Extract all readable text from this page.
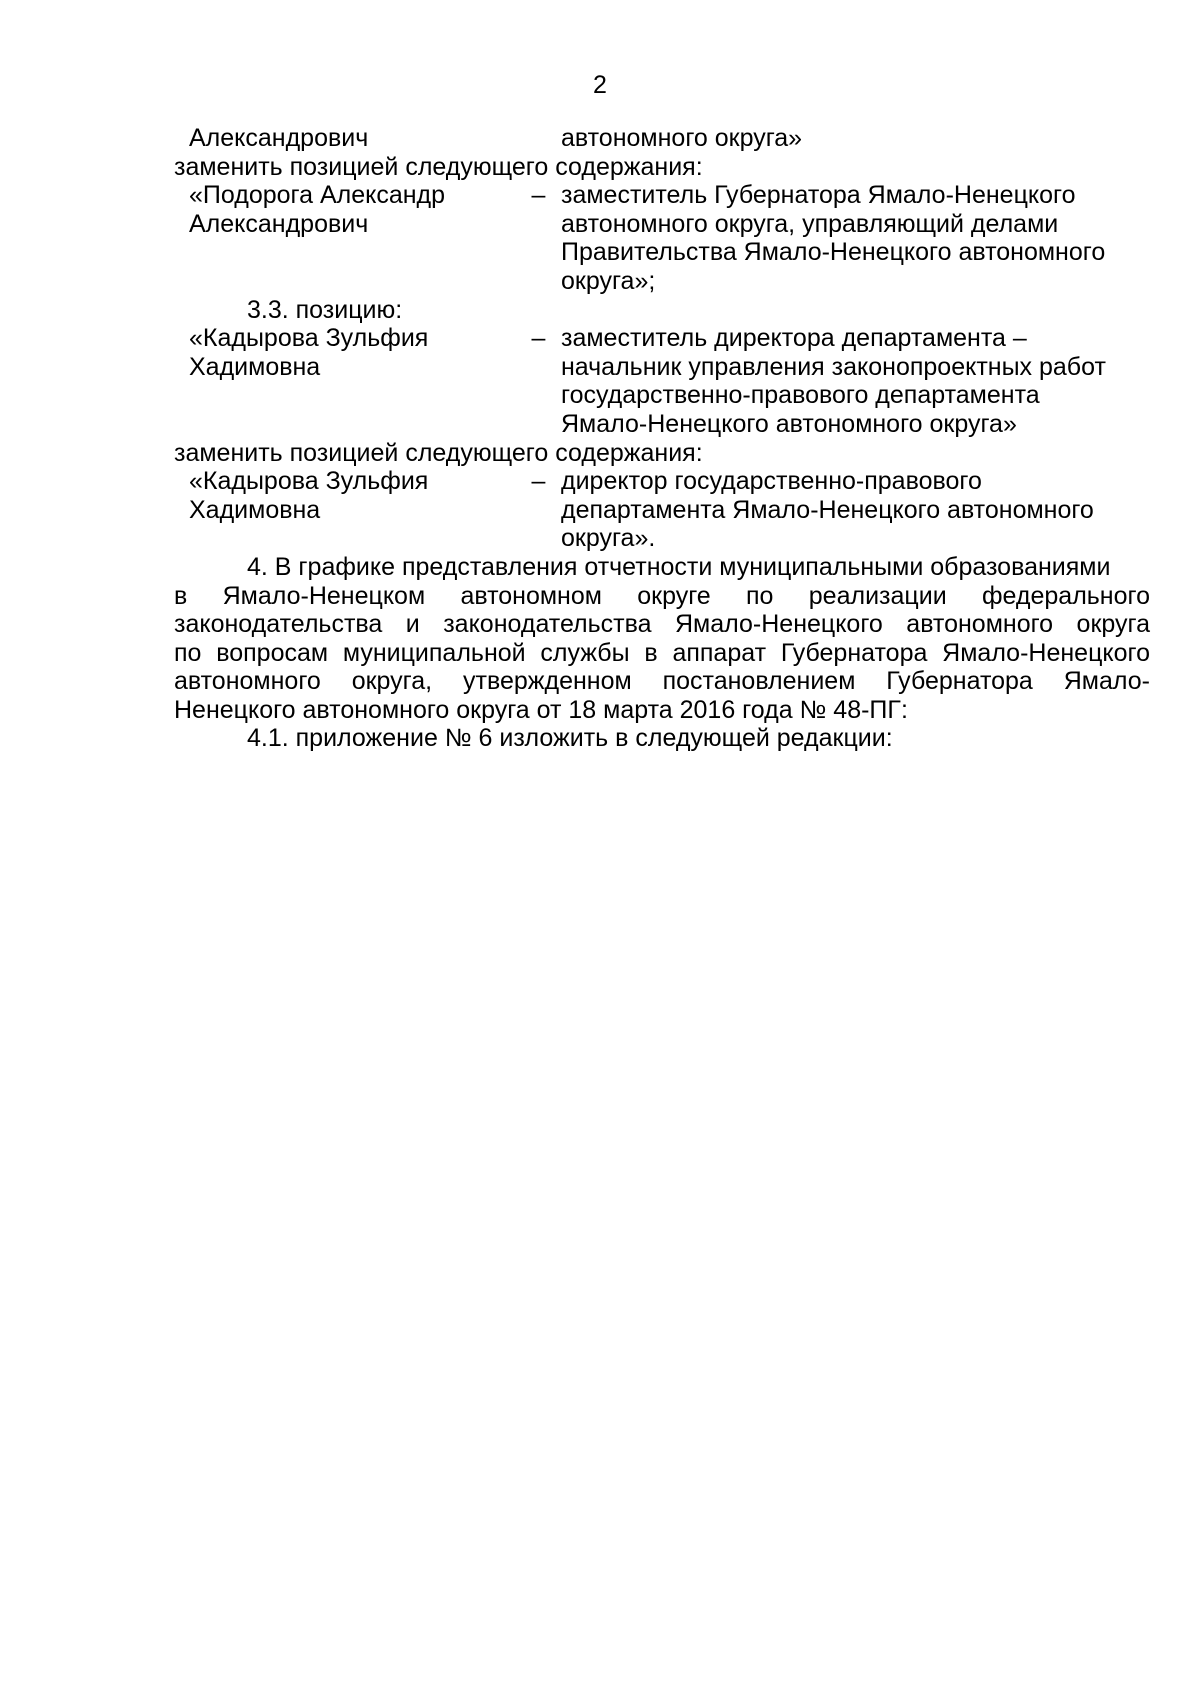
2
Александрович	автономного округа»
заменить позицией следующего содержания:
«Подорога Александр
Александрович
– заместитель Губернатора Ямало-Ненецкого
автономного округа, управляющий делами
Правительства Ямало-Ненецкого автономного
округа»;
3.3. позицию:
«Кадырова Зульфия
Хадимовна
– заместитель директора департамента –
начальник управления законопроектных работ
государственно-правового департамента
Ямало-Ненецкого автономного округа»
заменить позицией следующего содержания:
«Кадырова Зульфия
Хадимовна
– директор государственно-правового
департамента Ямало-Ненецкого автономного
округа».
4. В графике представления отчетности муниципальными образованиями
в Ямало-Ненецком автономном округе по реализации федерального
законодательства и законодательства Ямало-Ненецкого автономного округа
по вопросам муниципальной службы в аппарат Губернатора Ямало-Ненецкого
автономного округа, утвержденном постановлением Губернатора Ямало-
Ненецкого автономного округа от 18 марта 2016 года № 48-ПГ:
4.1. приложение № 6 изложить в следующей редакции:
